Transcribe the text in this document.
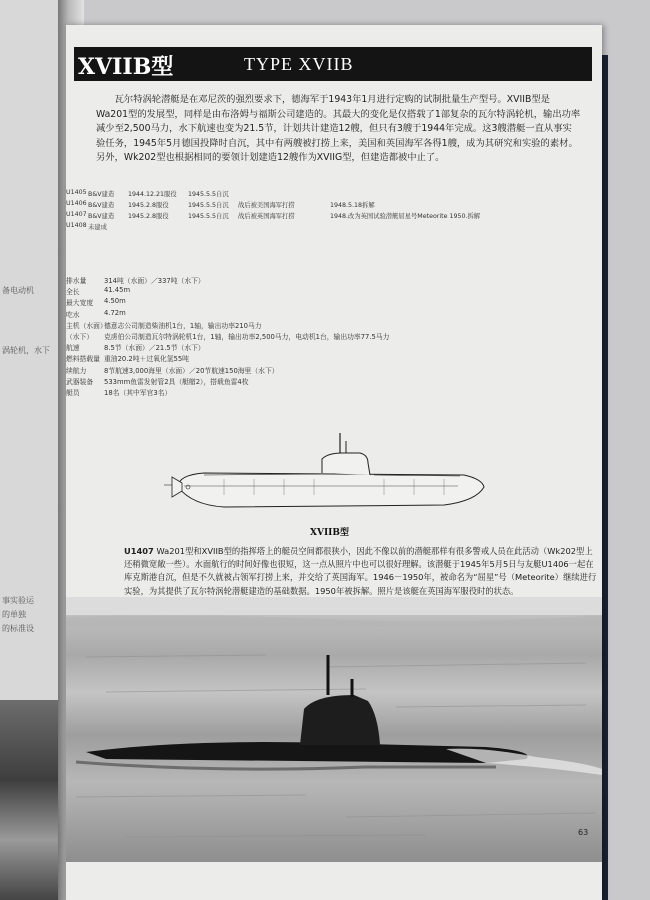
备电动机
涡轮机，水下
事实验运
的单独
的标准设
XVIIB型	TYPE XVIIB

瓦尔特涡轮潜艇是在邓尼茨的强烈要求下，德海军于1943年1月进行定购的试制批量生产型号。XVIIB型是Wa201型的发展型，同样是由布洛姆与福斯公司建造的。其最大的变化是仅搭载了1部复杂的瓦尔特涡轮机，输出功率减少至2,500马力，水下航速也变为21.5节，计划共计建造12艘，但只有3艘于1944年完成。这3艘潜艇一直从事实验任务，1945年5月德国投降时自沉，其中有两艘被打捞上来，美国和英国海军各得1艘，成为其研究和实验的素材。另外，Wk202型也根据相同的要领计划建造12艘作为XVIIG型，但建造都被中止了。

U1405 B&V建造 1944.12.21服役 1945.5.5自沉
U1406 B&V建造 1945.2.8服役	1945.5.5自沉 战后被美国海军打捞	1948.5.18拆解
U1407 B&V建造 1945.2.8服役	1945.5.5自沉 战后被英国海军打捞	1948.改为英国试验潜艇屈星号Meteorite 1950.拆解
U1408 未建成
排水量	314吨（水面）／337吨（水下）
全长	41.45m
最大宽度 4.50m
吃水	4.72m
主机（水面）
德意志公司制造柴油机1台，1轴，输出功率210马力
（水下） 克虏伯公司制造瓦尔特涡轮机1台，1轴，输出功率2,500马力，电动机1台，输出功率77.5马力
航速	8.5节（水面）／21.5节（水下）
燃料搭载量 重油20.2吨＋过氧化氢55吨
续航力	8节航速3,000海里（水面）／20节航速150海里（水下）
武器装备 533mm鱼雷发射管2具（艇艏2），搭载鱼雷4枚
艇员	18名（其中军官3名）
XVIIB型

U1407 Wa201型和XVIIB型的指挥塔上的艇员空间都很狭小，因此不像以前的潜艇那样有很多警戒人员在此活动（Wk202型上还稍微宽敞一些）。水面航行的时间好像也很短，这一点从照片中也可以很好理解。该潜艇于1945年5月5日与友艇U1406一起在库克斯港自沉，但是不久就被占领军打捞上来，并交给了英国海军。1946－1950年，被命名为“屈星”号（Meteorite）继续进行实验，为其提供了瓦尔特涡轮潜艇建造的基础数据。1950年被拆解。照片是该艇在英国海军服役时的状态。

63
